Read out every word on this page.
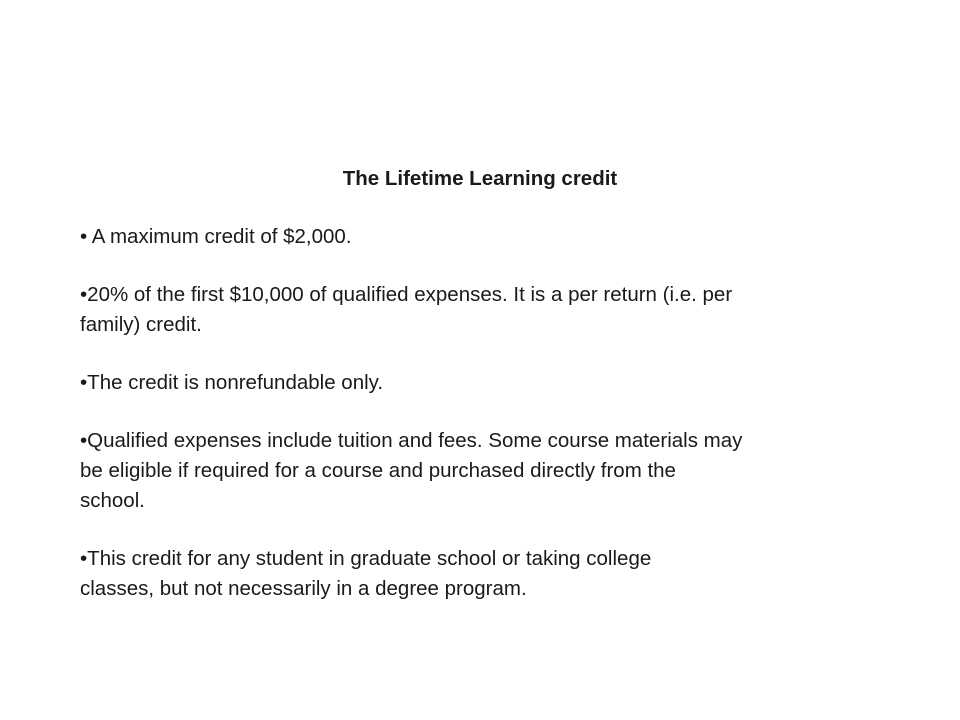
The Lifetime Learning credit
• A maximum credit of $2,000.
•20% of the first $10,000 of qualified expenses. It is a per return (i.e. per
family) credit.
•The credit is nonrefundable only.
•Qualified expenses include tuition and fees. Some course materials may
be eligible if required for a course and purchased directly from the
school.
•This credit for any student in graduate school or taking college
classes, but not necessarily in a degree program.
